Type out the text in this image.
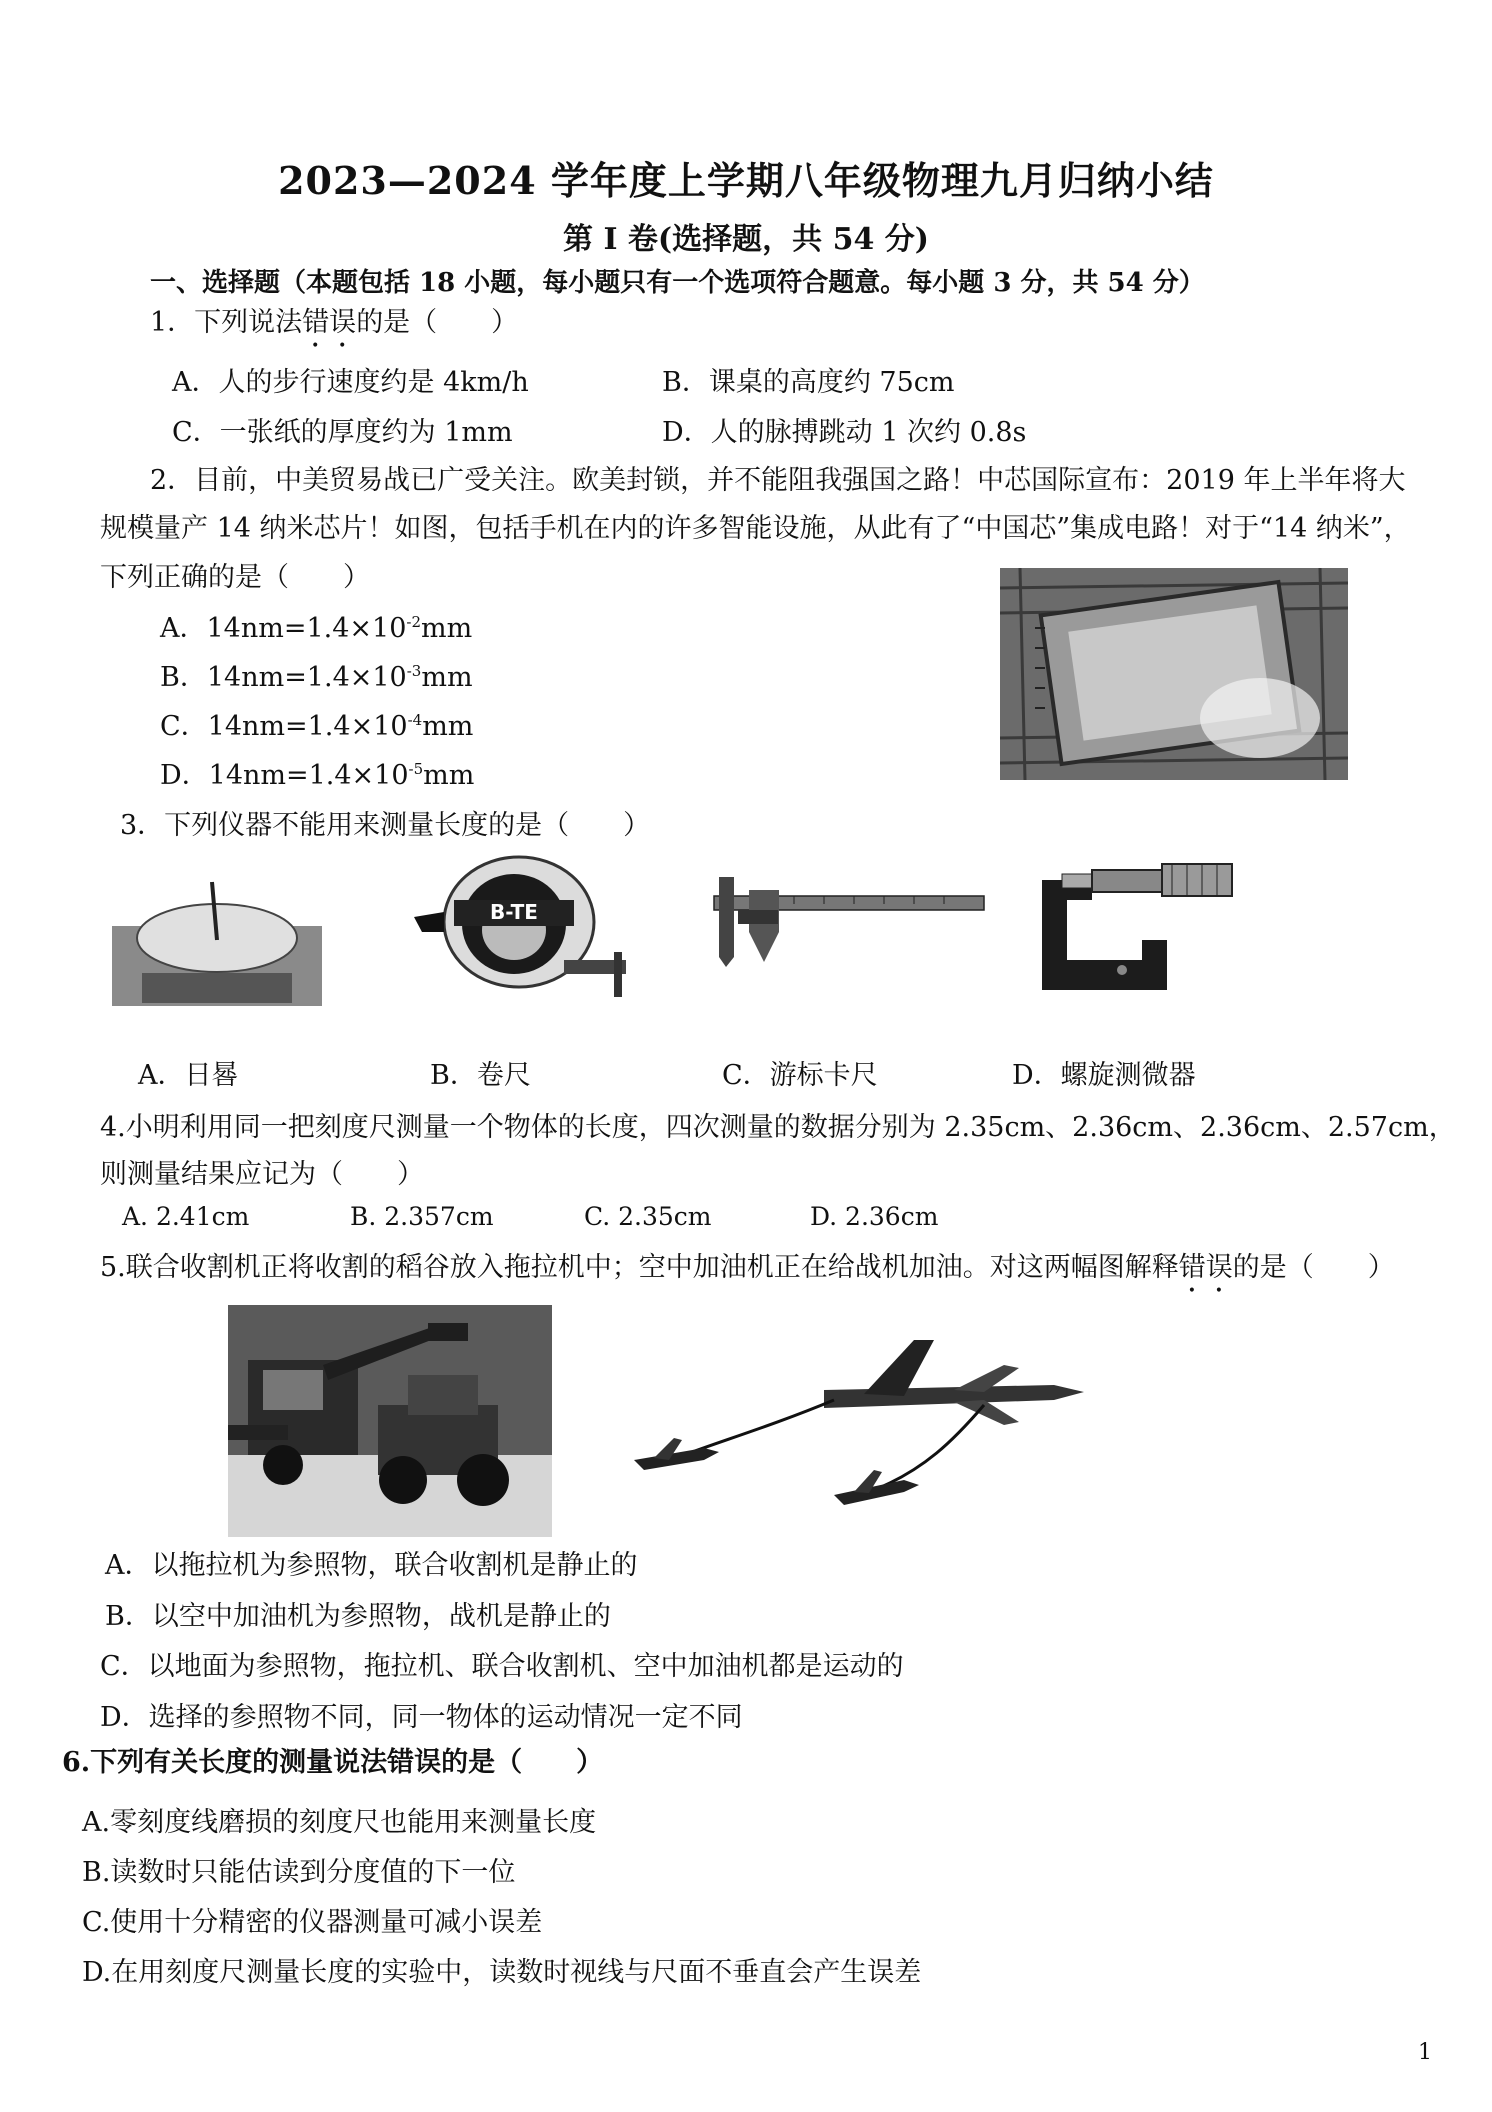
2023—2024 学年度上学期八年级物理九月归纳小结
第 I 卷(选择题，共 54 分)
一、选择题（本题包括 18 小题，每小题只有一个选项符合题意。每小题 3 分，共 54 分）
1．下列说法错误的是（　　）
A．人的步行速度约是 4km/h	B．课桌的高度约 75cm
C．一张纸的厚度约为 1mm	D．人的脉搏跳动 1 次约 0.8s
2．目前，中美贸易战已广受关注。欧美封锁，并不能阻我强国之路！中芯国际宣布：2019 年上半年将大
规模量产 14 纳米芯片！如图，包括手机在内的许多智能设施，从此有了“中国芯”集成电路！对于“14 纳米”，
下列正确的是（　　）
A．$14nm=1.4\times 10^{-2}mm$
B．$14nm=1.4\times 10^{-3}mm$
C．$14nm=1.4\times 10^{-4}mm$
D．$14nm=1.4\times 10^{-5}mm$
3．下列仪器不能用来测量长度的是（　　）
B-TE
A．日晷	B．卷尺	C．游标卡尺	D．螺旋测微器
4.小明利用同一把刻度尺测量一个物体的长度，四次测量的数据分别为 2.35cm、2.36cm、2.36cm、2.57cm，
则测量结果应记为（　　）
A. 2.41cm	B. 2.357cm	C. 2.35cm	D. 2.36cm
5.联合收割机正将收割的稻谷放入拖拉机中；空中加油机正在给战机加油。对这两幅图解释错误的是（　　）
A．以拖拉机为参照物，联合收割机是静止的
B．以空中加油机为参照物，战机是静止的
C．以地面为参照物，拖拉机、联合收割机、空中加油机都是运动的
D．选择的参照物不同，同一物体的运动情况一定不同
6.下列有关长度的测量说法错误的是（　　）
A.零刻度线磨损的刻度尺也能用来测量长度
B.读数时只能估读到分度值的下一位
C.使用十分精密的仪器测量可减小误差
D.在用刻度尺测量长度的实验中，读数时视线与尺面不垂直会产生误差
1
